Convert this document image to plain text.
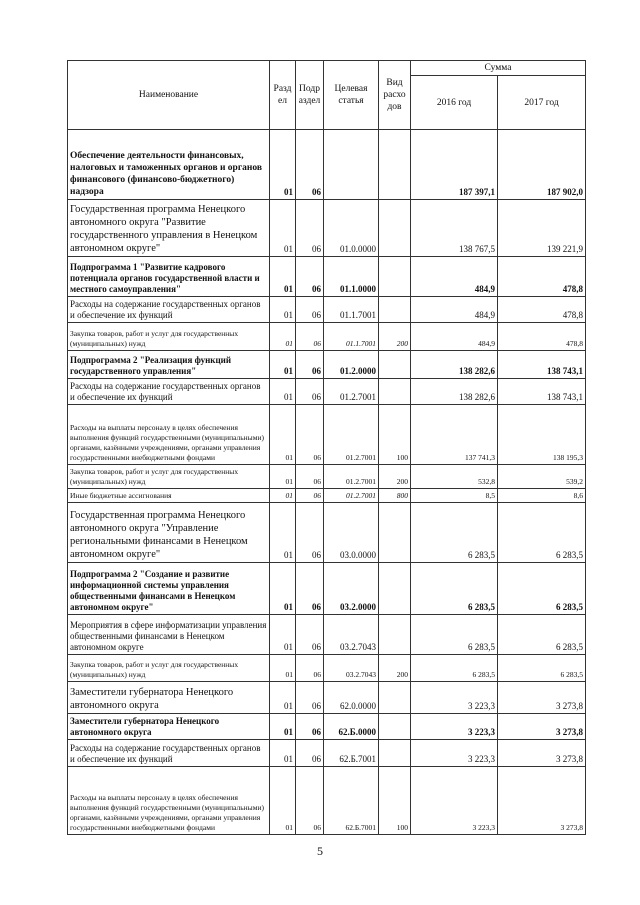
Наименование	Разд ел	Подр аздел	Целевая статья	Вид расхо дов	Сумма	
					2016 год	2017 год
Обеспечение деятельности финансовых, налоговых и таможенных органов и органов финансового (финансово-бюджетного) надзора	01	06			187 397,1	187 902,0
Государственная программа Ненецкого автономного округа "Развитие государственного управления в Ненецком автономном округе"	01	06	01.0.0000		138 767,5	139 221,9
Подпрограмма 1 "Развитие кадрового потенциала органов государственной власти и местного самоуправления"	01	06	01.1.0000		484,9	478,8
Расходы на содержание государственных органов и обеспечение их функций	01	06	01.1.7001		484,9	478,8
Закупка товаров, работ и услуг для государственных (муниципальных) нужд	01	06	01.1.7001	200	484,9	478,8
Подпрограмма 2 "Реализация функций государственного управления"	01	06	01.2.0000		138 282,6	138 743,1
Расходы на содержание государственных органов и обеспечение их функций	01	06	01.2.7001		138 282,6	138 743,1
Расходы на выплаты персоналу в целях обеспечения выполнения функций государственными (муниципальными) органами, казёнными учреждениями, органами управления государственными внебюджетными фондами	01	06	01.2.7001	100	137 741,3	138 195,3
Закупка товаров, работ и услуг для государственных (муниципальных) нужд	01	06	01.2.7001	200	532,8	539,2
Иные бюджетные ассигнования	01	06	01.2.7001	800	8,5	8,6
Государственная программа Ненецкого автономного округа "Управление региональными финансами в Ненецком автономном округе"	01	06	03.0.0000		6 283,5	6 283,5
Подпрограмма 2 "Создание и развитие информационной системы управления общественными финансами в Ненецком автономном округе"	01	06	03.2.0000		6 283,5	6 283,5
Мероприятия в сфере информатизации управления общественными финансами в Ненецком автономном округе	01	06	03.2.7043		6 283,5	6 283,5
Закупка товаров, работ и услуг для государственных (муниципальных) нужд	01	06	03.2.7043	200	6 283,5	6 283,5
Заместители губернатора Ненецкого автономного округа	01	06	62.0.0000		3 223,3	3 273,8
Заместители губернатора Ненецкого автономного округа	01	06	62.Б.0000		3 223,3	3 273,8
Расходы на содержание государственных органов и обеспечение их функций	01	06	62.Б.7001		3 223,3	3 273,8
Расходы на выплаты персоналу в целях обеспечения выполнения функций государственными (муниципальными) органами, казёнными учреждениями, органами управления государственными внебюджетными фондами	01	06	62.Б.7001	100	3 223,3	3 273,8
5
